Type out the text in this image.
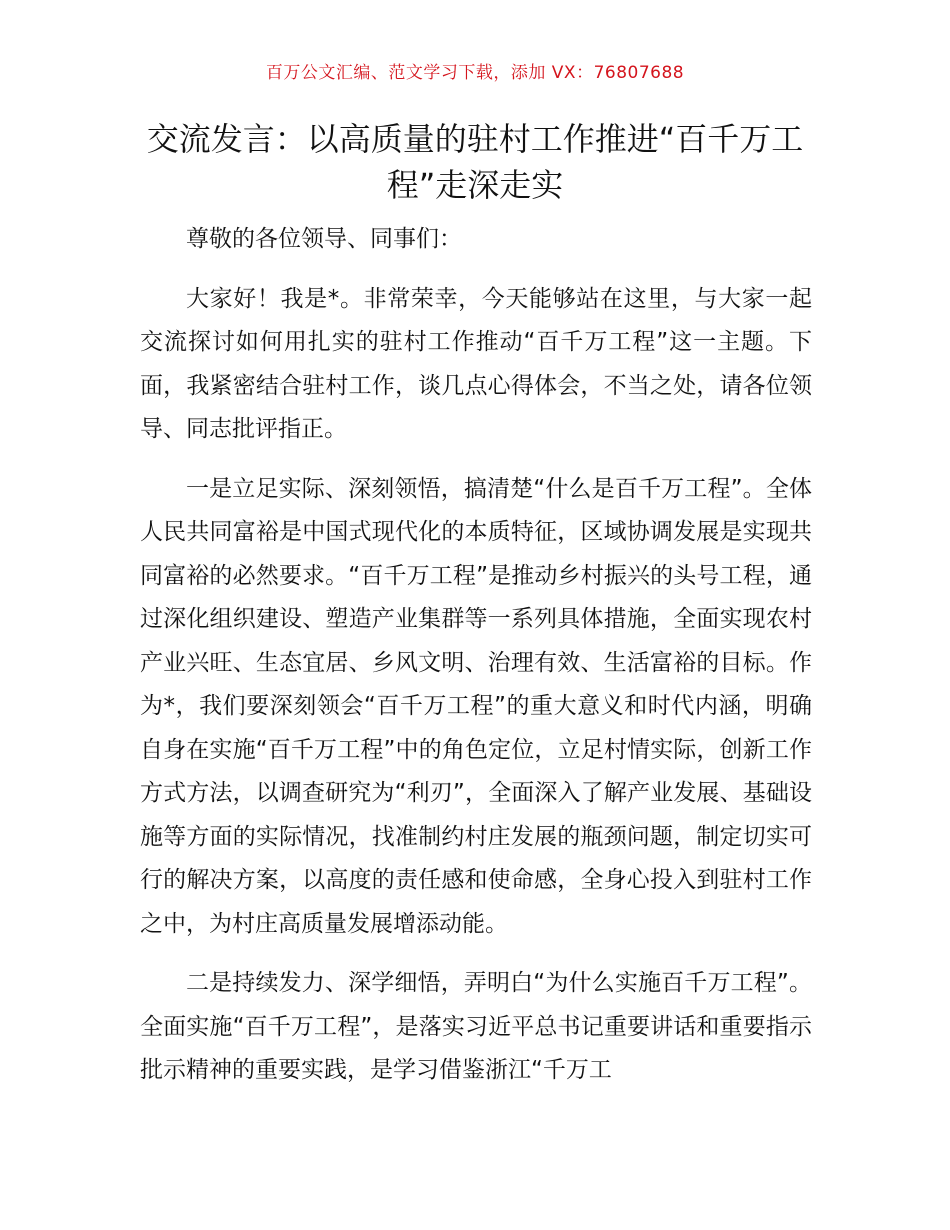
百万公文汇编、范文学习下载，添加 VX：76807688
交流发言：以高质量的驻村工作推进“百千万工程”走深走实

尊敬的各位领导、同事们：

大家好！我是*。非常荣幸，今天能够站在这里，与大家一起交流探讨如何用扎实的驻村工作推动“百千万工程”这一主题。下面，我紧密结合驻村工作，谈几点心得体会，不当之处，请各位领导、同志批评指正。

一是立足实际、深刻领悟，搞清楚“什么是百千万工程”。全体人民共同富裕是中国式现代化的本质特征，区域协调发展是实现共同富裕的必然要求。“百千万工程”是推动乡村振兴的头号工程，通过深化组织建设、塑造产业集群等一系列具体措施，全面实现农村产业兴旺、生态宜居、乡风文明、治理有效、生活富裕的目标。作为*，我们要深刻领会“百千万工程”的重大意义和时代内涵，明确自身在实施“百千万工程”中的角色定位，立足村情实际，创新工作方式方法，以调查研究为“利刃”，全面深入了解产业发展、基础设施等方面的实际情况，找准制约村庄发展的瓶颈问题，制定切实可行的解决方案，以高度的责任感和使命感，全身心投入到驻村工作之中，为村庄高质量发展增添动能。

二是持续发力、深学细悟，弄明白“为什么实施百千万工程”。全面实施“百千万工程”，是落实习近平总书记重要讲话和重要指示批示精神的重要实践，是学习借鉴浙江“千万工
